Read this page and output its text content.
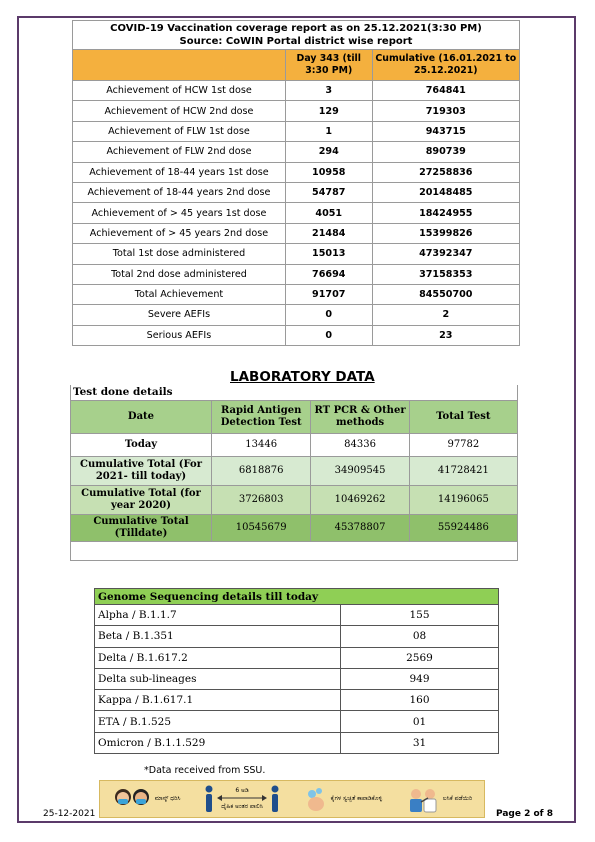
COVID-19 Vaccination coverage report as on 25.12.2021(3:30 PM)
Source: CoWIN Portal district wise report		

	Day 343 (till 3:30 PM)	Cumulative (16.01.2021 to 25.12.2021)
Achievement of HCW 1st dose	3	764841
Achievement of HCW 2nd dose	129	719303
Achievement of FLW 1st dose	1	943715
Achievement of FLW 2nd dose	294	890739
Achievement of 18-44 years 1st dose	10958	27258836
Achievement of 18-44 years 2nd dose	54787	20148485
Achievement of > 45 years 1st dose	4051	18424955
Achievement of > 45 years 2nd dose	21484	15399826
Total 1st dose administered	15013	47392347
Total 2nd dose administered	76694	37158353
Total Achievement	91707	84550700
Severe AEFIs	0	2
Serious AEFIs	0	23
LABORATORY DATA
Test done details
Date	Rapid Antigen Detection Test	RT PCR & Other methods	Total Test
Today	13446	84336	97782
Cumulative Total (For 2021- till today)	6818876	34909545	41728421
Cumulative Total (for year 2020)	3726803	10469262	14196065
Cumulative Total (Tilldate)	10545679	45378807	55924486
Genome Sequencing details till today	
Alpha / B.1.1.7	155
Beta / B.1.351	08
Delta / B.1.617.2	2569
Delta sub-lineages	949
Kappa / B.1.617.1	160
ETA / B.1.525	01
Omicron / B.1.1.529	31
*Data received from SSU.
ಮಾಸ್ಕ್ ಧರಿಸಿ
6 ಅಡಿ
ದೈಹಿಕ ಅಂತರ ಪಾಲಿಸಿ
ಕೈಗಳ ಸ್ವಚ್ಛತೆ ಕಾಪಾಡಿಕೊಳ್ಳಿ	ಲಸಿಕೆ ಪಡೆಯಿರಿ
25-12-2021	Page 2 of 8
